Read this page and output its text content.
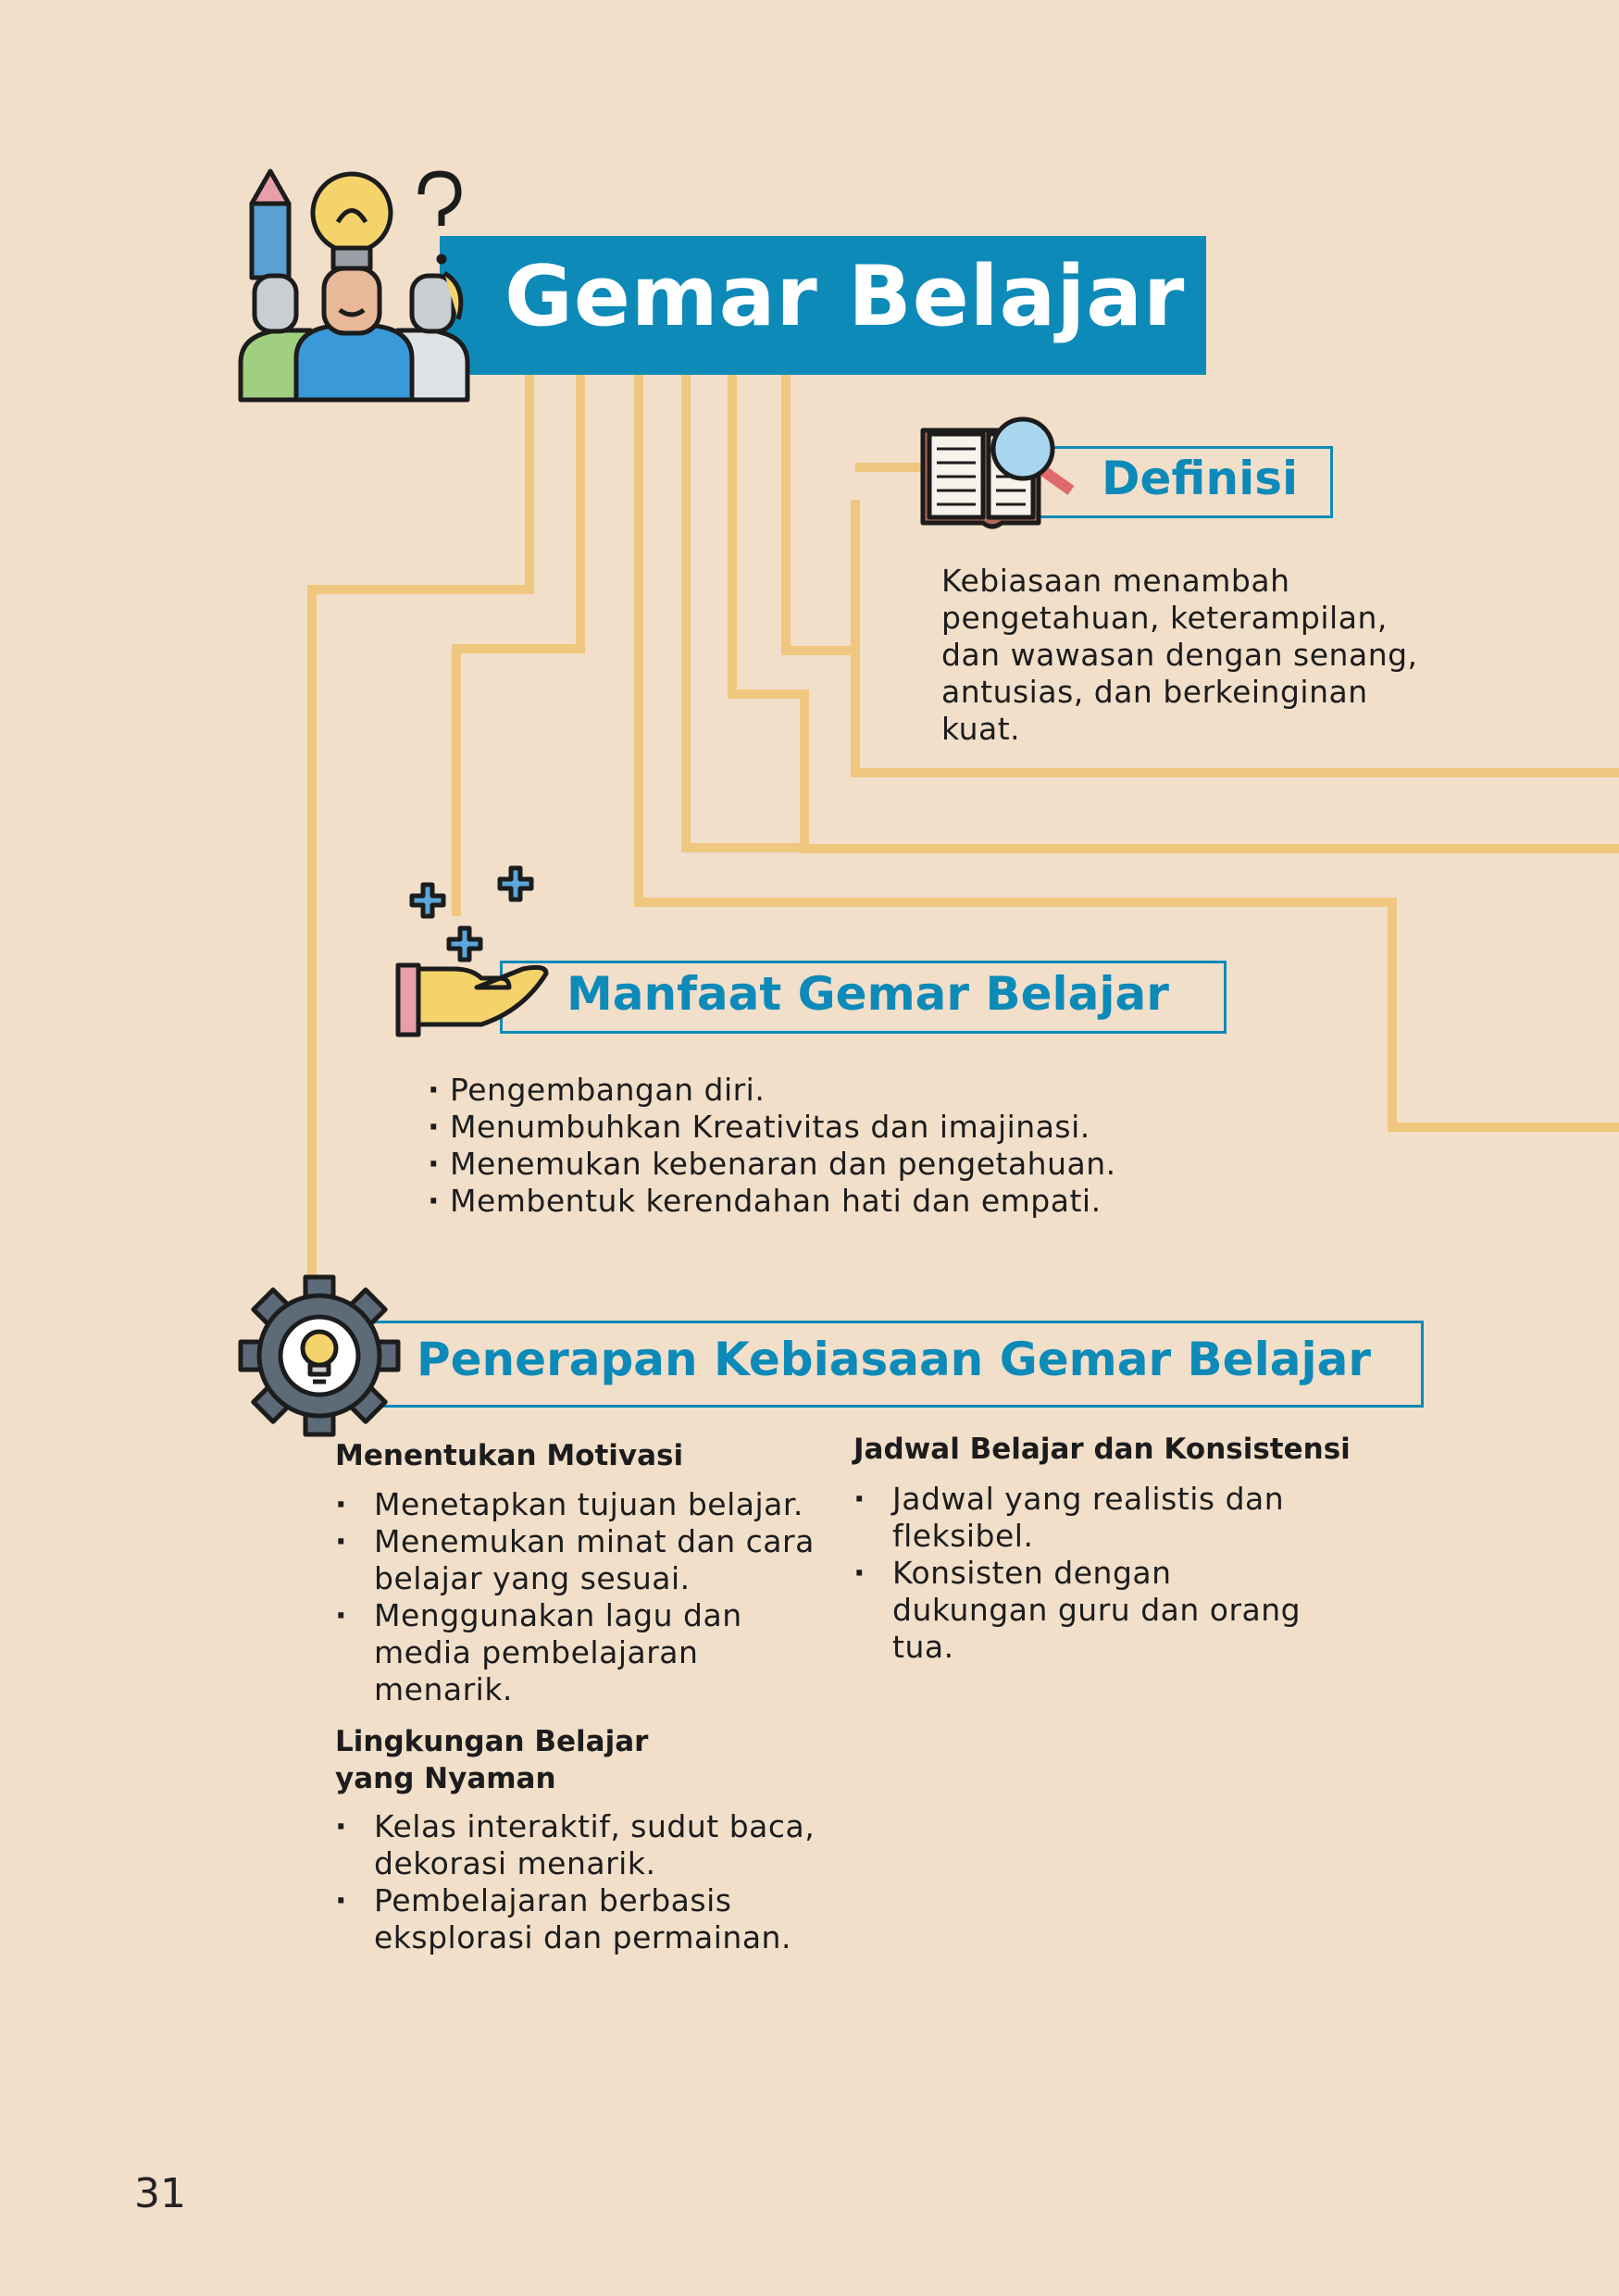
Gemar Belajar
Definisi
Kebiasaan menambah pengetahuan, keterampilan, dan wawasan dengan senang, antusias, dan berkeinginan kuat.
Manfaat Gemar Belajar
· Pengembangan diri.
· Menumbuhkan Kreativitas dan imajinasi.
· Menemukan kebenaran dan pengetahuan.
· Membentuk kerendahan hati dan empati.
Penerapan Kebiasaan Gemar Belajar
Menentukan Motivasi
· Menetapkan tujuan belajar.
· Menemukan minat dan cara belajar yang sesuai.
· Menggunakan lagu dan media pembelajaran menarik.
Lingkungan Belajar yang Nyaman
· Kelas interaktif, sudut baca, dekorasi menarik.
· Pembelajaran berbasis eksplorasi dan permainan.
Jadwal Belajar dan Konsistensi
· Jadwal yang realistis dan fleksibel.
· Konsisten dengan dukungan guru dan orang tua.
31
